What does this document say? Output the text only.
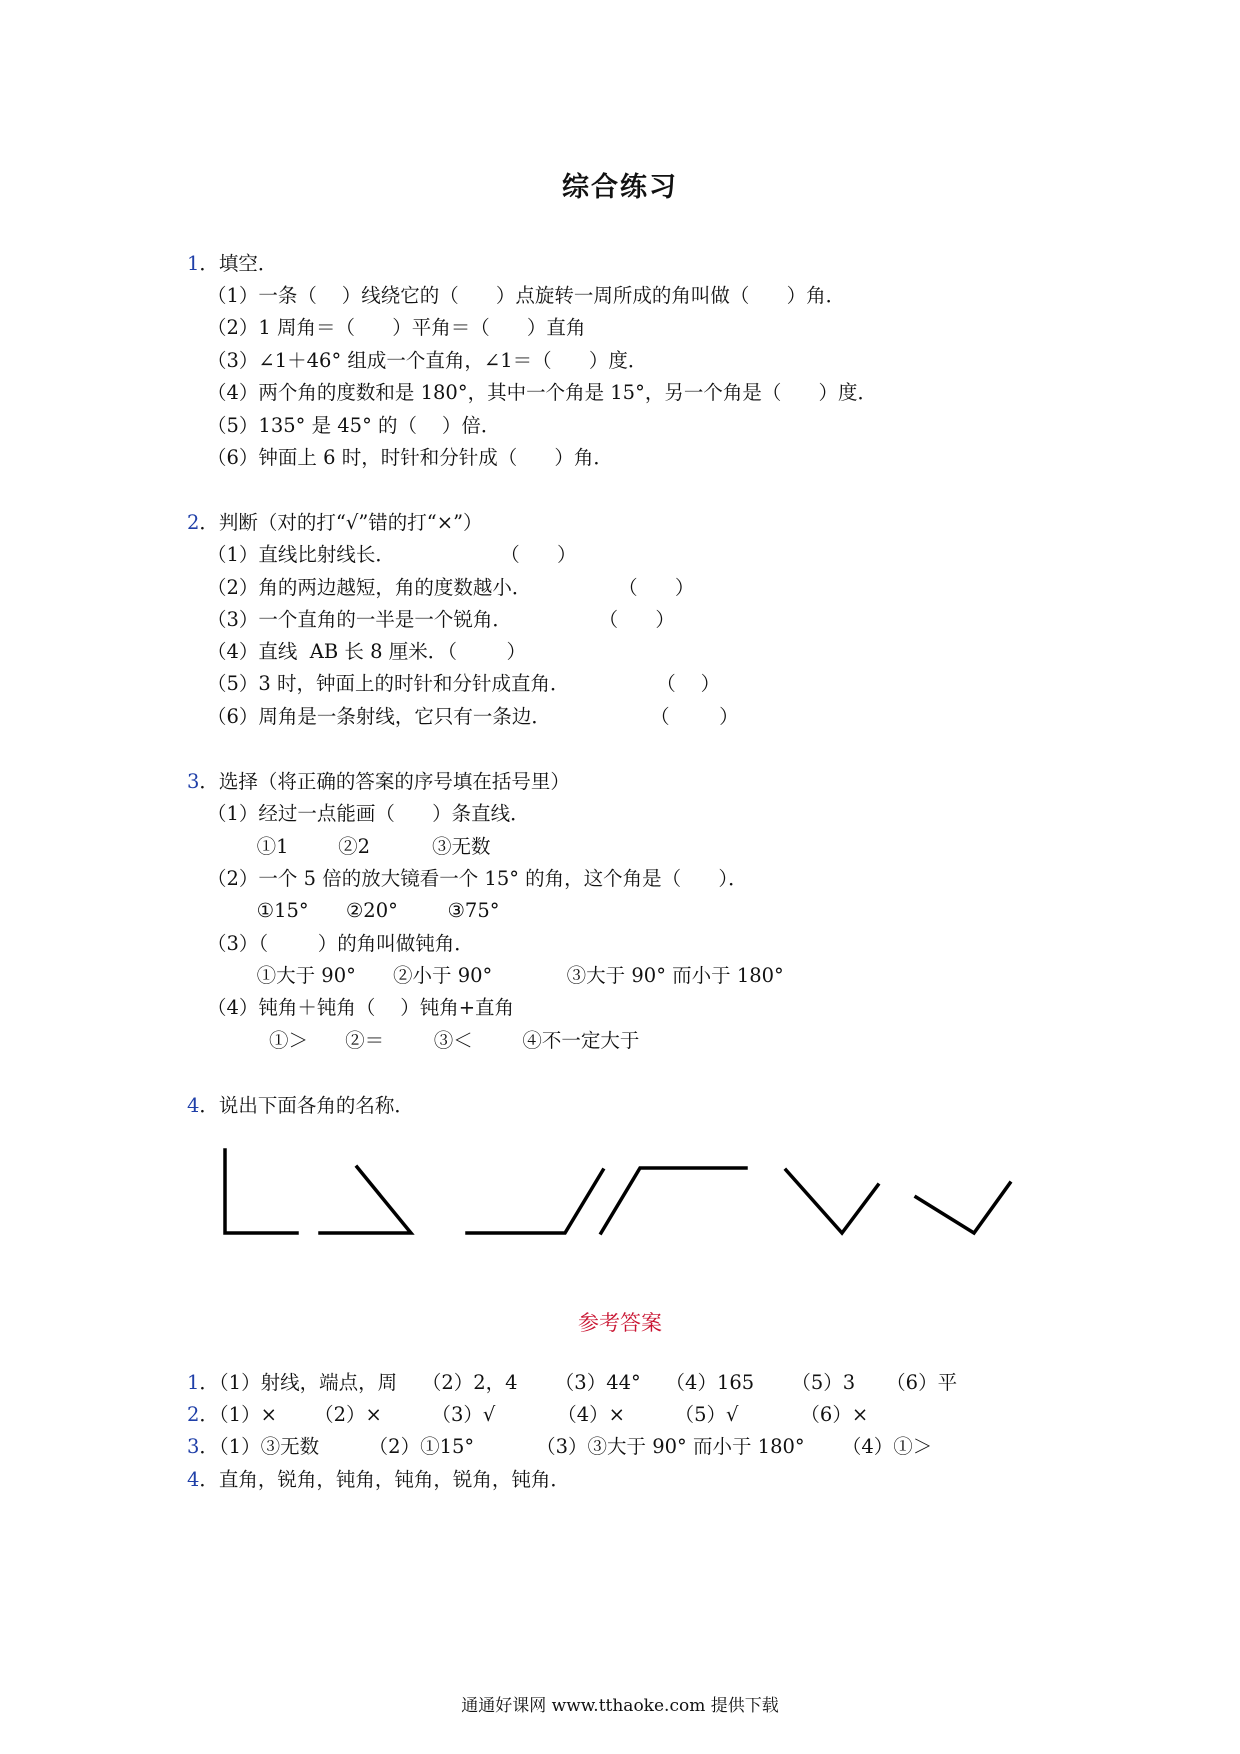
综合练习
1．填空．
（1）一条（    ）线绕它的（      ）点旋转一周所成的角叫做（      ）角．
（2）1 周角＝（      ）平角＝（      ）直角
（3）∠1＋46° 组成一个直角，∠1＝（      ）度．
（4）两个角的度数和是 180°，其中一个角是 15°，另一个角是（      ）度．
（5）135° 是 45° 的（    ）倍．
（6）钟面上 6 时，时针和分针成（      ）角．
2．判断（对的打“√”错的打“×”）
（1）直线比射线长．                 （      ）
（2）角的两边越短，角的度数越小．              （      ）
（3）一个直角的一半是一个锐角．              （      ）
（4）直线  AB 长 8 厘米．（        ）
（5）3 时，钟面上的时针和分针成直角．              （    ）
（6）周角是一条射线，它只有一条边．                （        ）
3．选择（将正确的答案的序号填在括号里）
（1）经过一点能画（      ）条直线．
①1        ②2          ③无数
（2）一个 5 倍的放大镜看一个 15° 的角，这个角是（      ）．
①15°      ②20°        ③75°
（3）（        ）的角叫做钝角．
①大于 90°      ②小于 90°            ③大于 90° 而小于 180°
（4）钝角＋钝角（    ）钝角+直角
①＞      ②＝        ③＜        ④不一定大于
4．说出下面各角的名称．
参考答案
1．（1）射线，端点，周    （2）2，4      （3）44°    （4）165      （5）3     （6）平
2．（1）×      （2）×        （3）√          （4）×        （5）√          （6）×
3．（1）③无数        （2）①15°          （3）③大于 90° 而小于 180°      （4）①＞
4．直角，锐角，钝角，钝角，锐角，钝角．
通通好课网 www.tthaoke.com 提供下载
